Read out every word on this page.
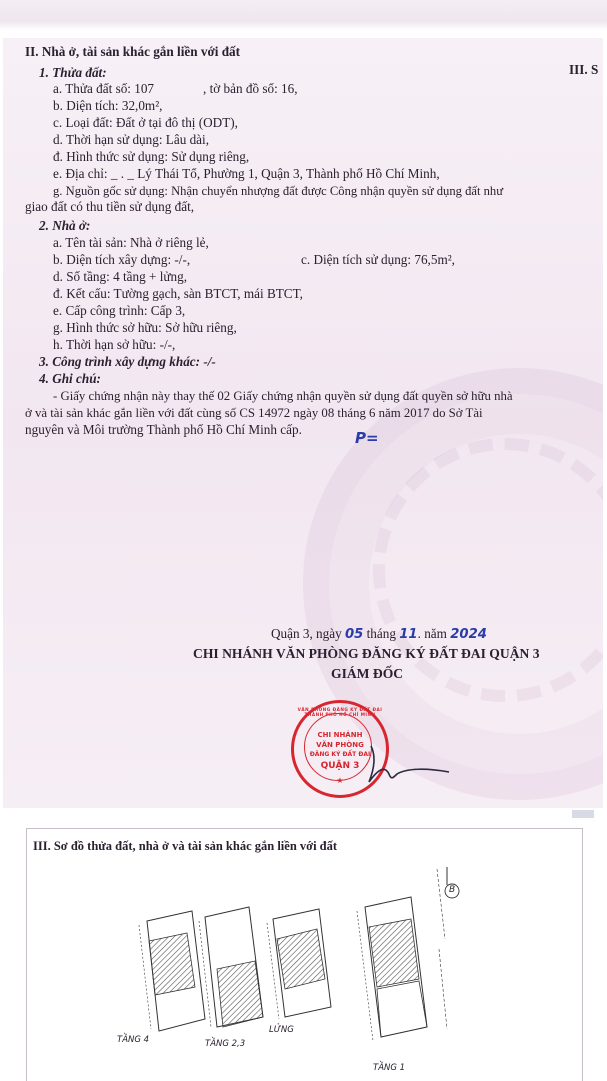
II. Nhà ở, tài sản khác gắn liền với đất
III. S
1. Thửa đất:
a. Thửa đất số: 107	, tờ bản đồ số: 16,
b. Diện tích: 32,0m²,
c. Loại đất: Đất ở tại đô thị (ODT),
d. Thời hạn sử dụng: Lâu dài,
đ. Hình thức sử dụng: Sử dụng riêng,
e. Địa chỉ: _ . _ Lý Thái Tổ, Phường 1, Quận 3, Thành phố Hồ Chí Minh,
g. Nguồn gốc sử dụng: Nhận chuyển nhượng đất được Công nhận quyền sử dụng đất như
giao đất có thu tiền sử dụng đất,
2. Nhà ở:
a. Tên tài sản: Nhà ở riêng lẻ,
b. Diện tích xây dựng: -/-,	c. Diện tích sử dụng: 76,5m²,
d. Số tầng: 4 tầng + lửng,
đ. Kết cấu: Tường gạch, sàn BTCT, mái BTCT,
e. Cấp công trình: Cấp 3,
g. Hình thức sở hữu: Sở hữu riêng,
h. Thời hạn sở hữu: -/-,
3. Công trình xây dựng khác: -/-
4. Ghi chú:
- Giấy chứng nhận này thay thế 02 Giấy chứng nhận quyền sử dụng đất quyền sở hữu nhà
ở và tài sản khác gắn liền với đất cùng số CS 14972 ngày 08 tháng 6 năm 2017 do Sở Tài
nguyên và Môi trường Thành phố Hồ Chí Minh cấp.	P=
Quận 3, ngày 05 tháng 11. năm 2024
CHI NHÁNH VĂN PHÒNG ĐĂNG KÝ ĐẤT ĐAI QUẬN 3
GIÁM ĐỐC
VĂN PHÒNG ĐĂNG KÝ ĐẤT ĐAI THÀNH PHỐ HỒ CHÍ MINH
CHI NHÁNH
VĂN PHÒNG
ĐĂNG KÝ ĐẤT ĐAI
QUẬN 3
★
III. Sơ đồ thửa đất, nhà ở và tài sản khác gắn liền với đất
B
TẦNG 4	TẦNG 2,3
LỬNG
TẦNG 1
